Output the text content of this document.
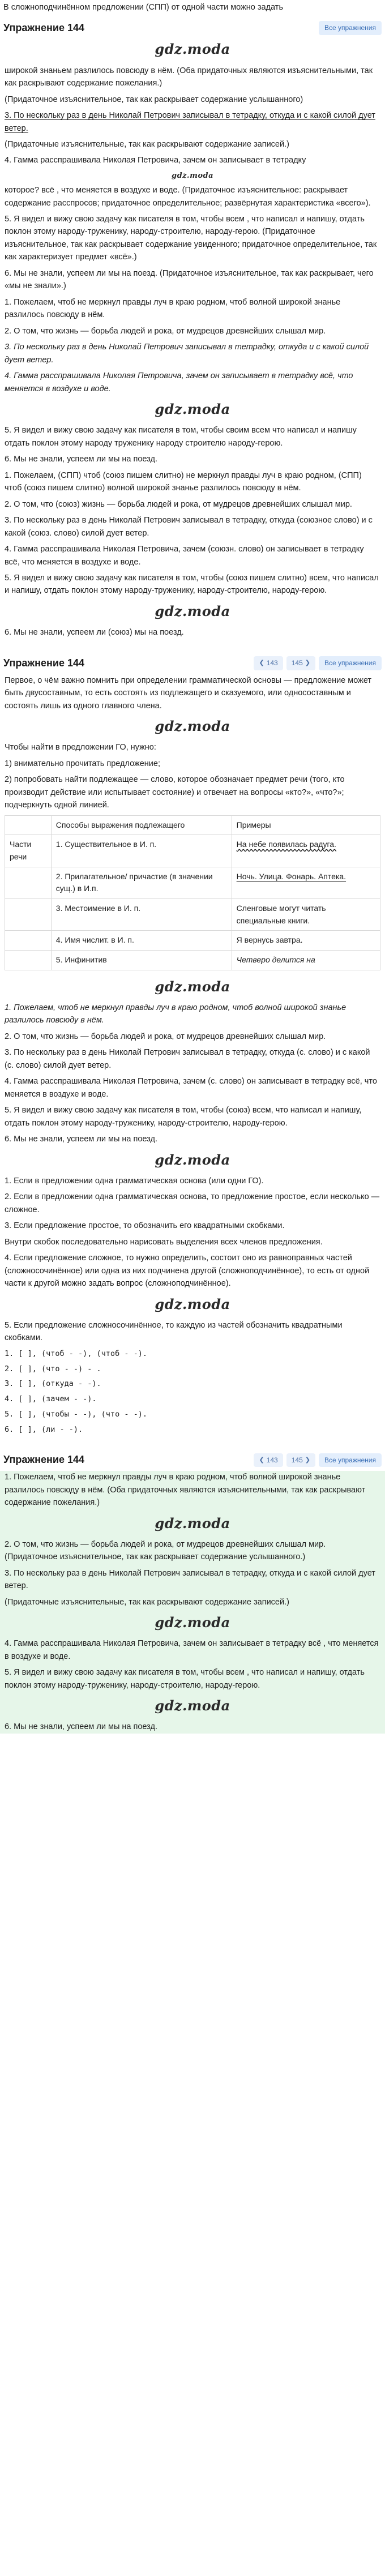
В сложноподчинённом предложении (СПП) от одной части можно задать

Упражнение 144	Все упражнения
gdz.moda

широкой знаньем разлилось повсюду в нём. (Оба придаточных являются изъяснительными, так как раскрывают содержание пожелания.)

(Придаточное изъяснительное, так как раскрывает содержание услышанного)

3. По нескольку раз в день Николай Петрович записывал в тетрадку, откуда и с какой силой дует ветер.

(Придаточные изъяснительные, так как раскрывают содержание записей.)

4. Гамма расспрашивала Николая Петровича, зачем он записывает в тетрадку

gdz.moda

которое? всё , что меняется в воздухе и воде. (Придаточное изъяснительное: раскрывает содержание расспросов; придаточное определительное; развёрнутая характеристика «всего»).

5. Я видел и вижу свою задачу как писателя в том, чтобы всем , что написал и напишу, отдать поклон этому народу-труженику, народу-строителю, народу-герою. (Придаточное изъяснительное, так как раскрывает содержание увиденного; придаточное определительное, так как характеризует предмет «всё».)

6. Мы не знали, успеем ли мы на поезд. (Придаточное изъяснительное, так как раскрывает, чего «мы не знали».)

1. Пожелаем, чтоб не меркнул правды луч в краю родном, чтоб волной широкой знанье разлилось повсюду в нём.

2. О том, что жизнь — борьба людей и рока, от мудрецов древнейших слышал мир.

3. По нескольку раз в день Николай Петрович записывал в тетрадку, откуда и с какой силой дует ветер.

4. Гамма расспрашивала Николая Петровича, зачем он записывает в тетрадку всё, что меняется в воздухе и воде.

gdz.moda

5. Я видел и вижу свою задачу как писателя в том, чтобы своим всем что написал и напишу отдать поклон этому народу труженику народу строителю народу-герою.

6. Мы не знали, успеем ли мы на поезд.

1. Пожелаем, (СПП) чтоб (союз пишем слитно) не меркнул правды луч в краю родном, (СПП) чтоб (союз пишем слитно) волной широкой знанье разлилось повсюду в нём.

2. О том, что (союз) жизнь — борьба людей и рока, от мудрецов древнейших слышал мир.

3. По нескольку раз в день Николай Петрович записывал в тетрадку, откуда (союзное слово) и с какой (союз. слово) силой дует ветер.

4. Гамма расспрашивала Николая Петровича, зачем (союзн. слово) он записывает в тетрадку всё, что меняется в воздухе и воде.

5. Я видел и вижу свою задачу как писателя в том, чтобы (союз пишем слитно) всем, что написал и напишу, отдать поклон этому народу-труженику, народу-строителю, народу-герою.

gdz.moda

6. Мы не знали, успеем ли (союз) мы на поезд.

Упражнение 144	❮ 143 145 ❯	Все упражнения

Первое, о чём важно помнить при определении грамматической основы — предложение может быть двусоставным, то есть состоять из подлежащего и сказуемого, или односоставным и состоять лишь из одного главного члена.

gdz.moda

Чтобы найти в предложении ГО, нужно:

1) внимательно прочитать предложение;

2) попробовать найти подлежащее — слово, которое обозначает предмет речи (того, кто производит действие или испытывает состояние) и отвечает на вопросы «кто?», «что?»; подчеркнуть одной линией.

	Способы выражения подлежащего	Примеры
Части речи	1. Существительное в И. п.	На небе появилась радуга.
	2. Прилагательное/ причастие (в значении сущ.) в И.п.	Ночь. Улица. Фонарь. Аптека.
	3. Местоимение в И. п.	Сленговые могут читать специальные книги.
	4. Имя числит. в И. п.	Я вернусь завтра.
	5. Инфинитив	Четверо делится на
gdz.moda

1. Пожелаем, чтоб не меркнул правды луч в краю родном, чтоб волной широкой знанье разлилось повсюду в нём.

2. О том, что жизнь — борьба людей и рока, от мудрецов древнейших слышал мир.

3. По нескольку раз в день Николай Петрович записывал в тетрадку, откуда (с. слово) и с какой (с. слово) силой дует ветер.

4. Гамма расспрашивала Николая Петровича, зачем (с. слово) он записывает в тетрадку всё, что меняется в воздухе и воде.

5. Я видел и вижу свою задачу как писателя в том, чтобы (союз) всем, что написал и напишу, отдать поклон этому народу-труженику, народу-строителю, народу-герою.

6. Мы не знали, успеем ли мы на поезд.

gdz.moda

1. Если в предложении одна грамматическая основа (или одни ГО).

2. Если в предложении одна грамматическая основа, то предложение простое, если несколько — сложное.

3. Если предложение простое, то обозначить его квадратными скобками.

Внутри скобок последовательно нарисовать выделения всех членов предложения.

4. Если предложение сложное, то нужно определить, состоит оно из равноправных частей (сложносочинённое) или одна из них подчинена другой (сложноподчинённое), то есть от одной части к другой можно задать вопрос (сложноподчинённое).

gdz.moda

5. Если предложение сложносочинённое, то каждую из частей обозначить квадратными скобками.

1. [ ], (чтоб - -), (чтоб - -).

2. [ ], (что - -) - .

3. [ ], (откуда - -).

4. [ ], (зачем - -).

5. [ ], (чтобы - -), (что - -).

6. [ ], (ли - -).

Упражнение 144	❮ 143 145 ❯	Все упражнения

1. Пожелаем, чтоб не меркнул правды луч в краю родном, чтоб волной широкой знанье разлилось повсюду в нём. (Оба придаточных являются изъяснительными, так как раскрывают содержание пожелания.)

gdz.moda

2. О том, что жизнь — борьба людей и рока, от мудрецов древнейших слышал мир. (Придаточное изъяснительное, так как раскрывает содержание услышанного.)

3. По нескольку раз в день Николай Петрович записывал в тетрадку, откуда и с какой силой дует ветер.

(Придаточные изъяснительные, так как раскрывают содержание записей.)

gdz.moda

4. Гамма расспрашивала Николая Петровича, зачем он записывает в тетрадку всё , что меняется в воздухе и воде.

5. Я видел и вижу свою задачу как писателя в том, чтобы всем , что написал и напишу, отдать поклон этому народу-труженику, народу-строителю, народу-герою.

gdz.moda

6. Мы не знали, успеем ли мы на поезд.
